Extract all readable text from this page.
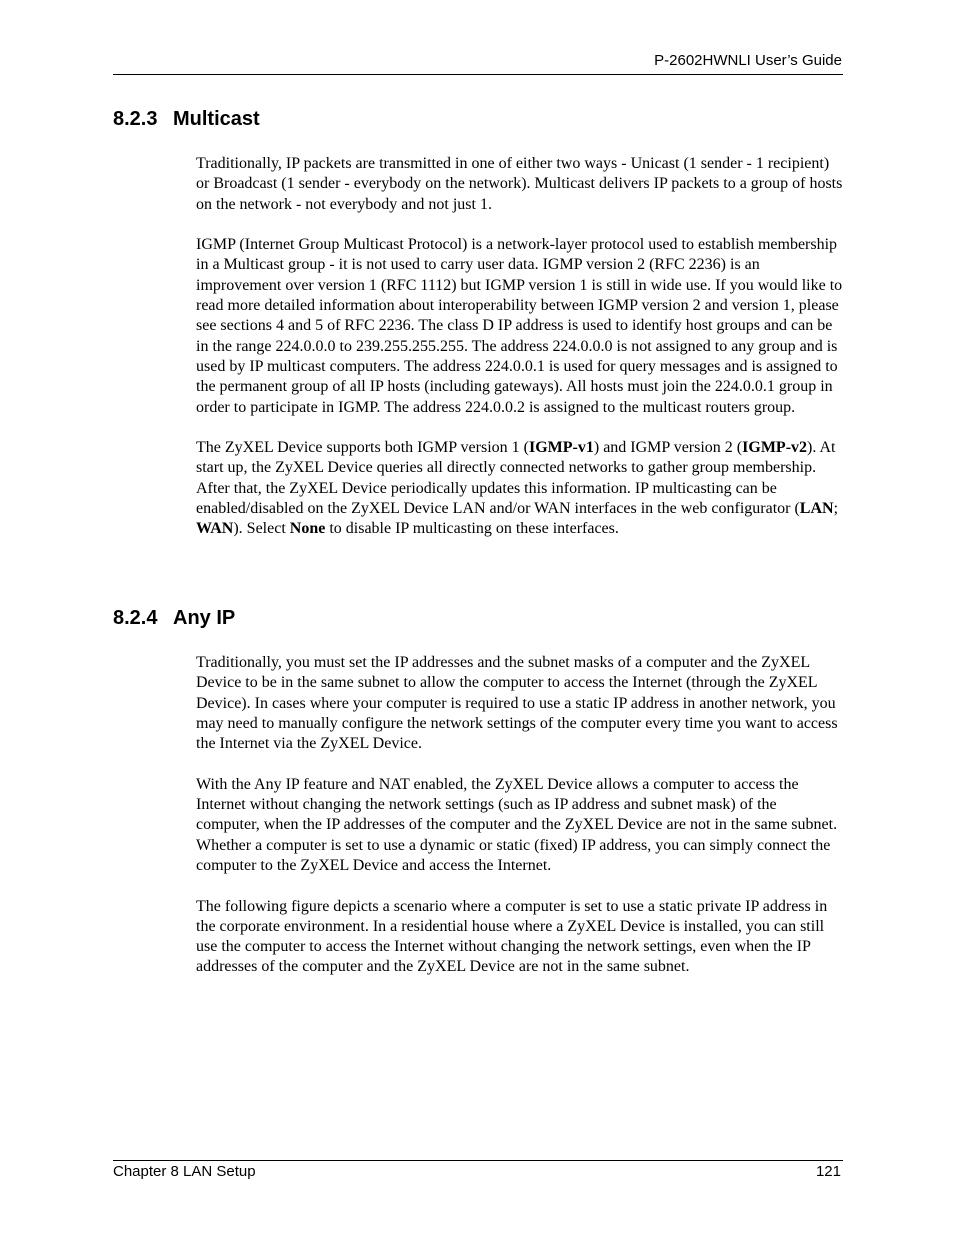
P-2602HWNLI User’s Guide
8.2.3 Multicast

Traditionally, IP packets are transmitted in one of either two ways - Unicast (1 sender - 1 recipient) or Broadcast (1 sender - everybody on the network). Multicast delivers IP packets to a group of hosts on the network - not everybody and not just 1.

IGMP (Internet Group Multicast Protocol) is a network-layer protocol used to establish membership in a Multicast group - it is not used to carry user data. IGMP version 2 (RFC 2236) is an improvement over version 1 (RFC 1112) but IGMP version 1 is still in wide use. If you would like to read more detailed information about interoperability between IGMP version 2 and version 1, please see sections 4 and 5 of RFC 2236. The class D IP address is used to identify host groups and can be in the range 224.0.0.0 to 239.255.255.255. The address 224.0.0.0 is not assigned to any group and is used by IP multicast computers. The address 224.0.0.1 is used for query messages and is assigned to the permanent group of all IP hosts (including gateways). All hosts must join the 224.0.0.1 group in order to participate in IGMP. The address 224.0.0.2 is assigned to the multicast routers group.

The ZyXEL Device supports both IGMP version 1 (IGMP-v1) and IGMP version 2 (IGMP-v2). At start up, the ZyXEL Device queries all directly connected networks to gather group membership. After that, the ZyXEL Device periodically updates this information. IP multicasting can be enabled/disabled on the ZyXEL Device LAN and/or WAN interfaces in the web configurator (LAN; WAN). Select None to disable IP multicasting on these interfaces.

8.2.4 Any IP

Traditionally, you must set the IP addresses and the subnet masks of a computer and the ZyXEL Device to be in the same subnet to allow the computer to access the Internet (through the ZyXEL Device). In cases where your computer is required to use a static IP address in another network, you may need to manually configure the network settings of the computer every time you want to access the Internet via the ZyXEL Device.

With the Any IP feature and NAT enabled, the ZyXEL Device allows a computer to access the Internet without changing the network settings (such as IP address and subnet mask) of the computer, when the IP addresses of the computer and the ZyXEL Device are not in the same subnet. Whether a computer is set to use a dynamic or static (fixed) IP address, you can simply connect the computer to the ZyXEL Device and access the Internet.

The following figure depicts a scenario where a computer is set to use a static private IP address in the corporate environment. In a residential house where a ZyXEL Device is installed, you can still use the computer to access the Internet without changing the network settings, even when the IP addresses of the computer and the ZyXEL Device are not in the same subnet.

Chapter 8 LAN Setup	121
